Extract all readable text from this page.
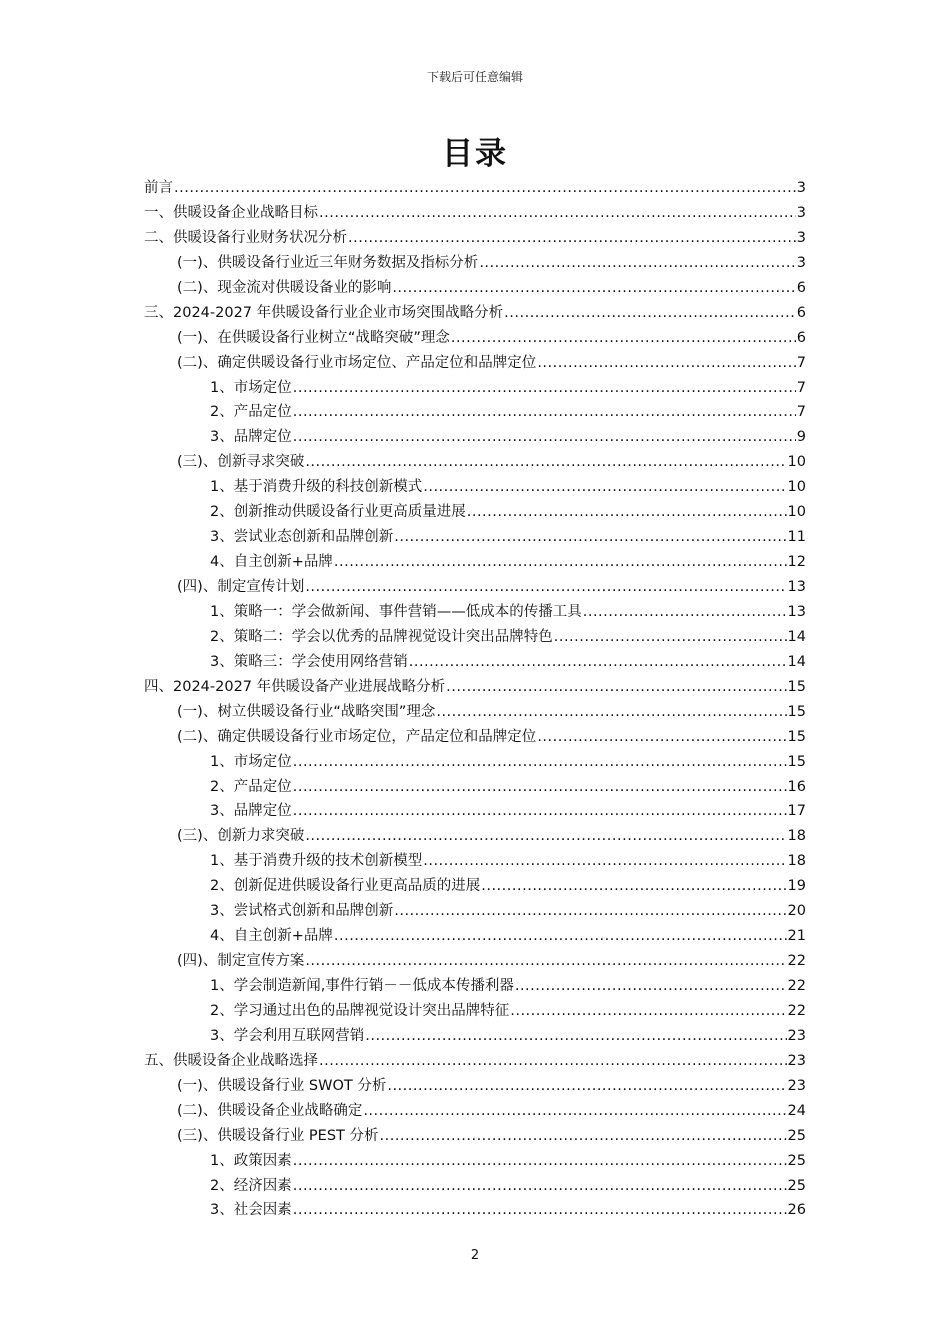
下载后可任意编辑
目录
前言 .....	3
一、供暖设备企业战略目标 .....	3
二、供暖设备行业财务状况分析 .....	3
(一)、供暖设备行业近三年财务数据及指标分析 .....	3
(二)、现金流对供暖设备业的影响 .....	6
三、2024-2027 年供暖设备行业企业市场突围战略分析 .....	6
(一)、在供暖设备行业树立“战略突破”理念 .....	6
(二)、确定供暖设备行业市场定位、产品定位和品牌定位 .....	7
1、市场定位 .....	7
2、产品定位 .....	7
3、品牌定位 .....	9
(三)、创新寻求突破 .....	10
1、基于消费升级的科技创新模式 .....	10
2、创新推动供暖设备行业更高质量进展 .....	10
3、尝试业态创新和品牌创新 .....	11
4、自主创新+品牌 .....	12
(四)、制定宣传计划 .....	13
1、策略一：学会做新闻、事件营销——低成本的传播工具 .....	13
2、策略二：学会以优秀的品牌视觉设计突出品牌特色 .....	14
3、策略三：学会使用网络营销 .....	14
四、2024-2027 年供暖设备产业进展战略分析 .....	15
(一)、树立供暖设备行业“战略突围”理念 .....	15
(二)、确定供暖设备行业市场定位，产品定位和品牌定位 .....	15
1、市场定位 .....	15
2、产品定位 .....	16
3、品牌定位 .....	17
(三)、创新力求突破 .....	18
1、基于消费升级的技术创新模型 .....	18
2、创新促进供暖设备行业更高品质的进展 .....	19
3、尝试格式创新和品牌创新 .....	20
4、自主创新+品牌 .....	21
(四)、制定宣传方案 .....	22
1、学会制造新闻,事件行销－－低成本传播利器 .....	22
2、学习通过出色的品牌视觉设计突出品牌特征 .....	22
3、学会利用互联网营销 .....	23
五、供暖设备企业战略选择 .....	23
(一)、供暖设备行业 SWOT 分析 .....	23
(二)、供暖设备企业战略确定 .....	24
(三)、供暖设备行业 PEST 分析 .....	25
1、政策因素 .....	25
2、经济因素 .....	25
3、社会因素 .....	26
2
